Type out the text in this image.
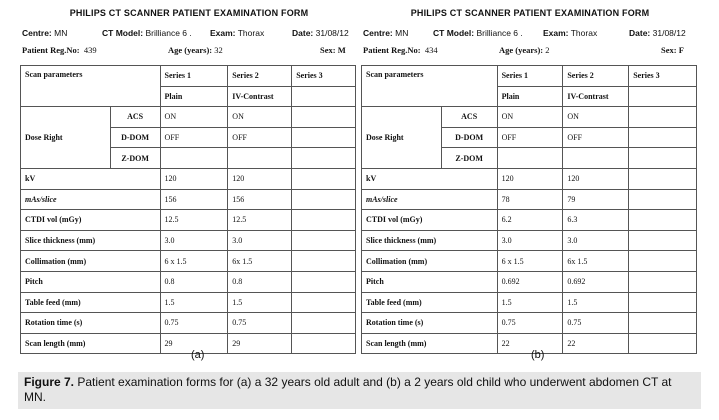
PHILIPS CT SCANNER PATIENT EXAMINATION FORM
Centre: MN	CT Model: Brilliance 6 . Exam: Thorax	Date: 31/08/12
Patient Reg.No: 439	Age (years): 32	Sex: M
Scan parameters		Series 1	Series 2	Series 3
		Plain	IV-Contrast	
Dose Right	ACS	ON	ON	
	D-DOM	OFF	OFF	
	Z-DOM			
kV		120	120	
mAs/slice		156	156	
CTDI vol (mGy)		12.5	12.5	
Slice thickness (mm)		3.0	3.0	
Collimation (mm)		6 x 1.5	6x 1.5	
Pitch		0.8	0.8	
Table feed (mm)		1.5	1.5	
Rotation time (s)		0.75	0.75	
Scan length (mm)		29	29	
PHILIPS CT SCANNER PATIENT EXAMINATION FORM
Centre: MN	CT Model: Brilliance 6 . Exam: Thorax	Date: 31/08/12
Patient Reg.No: 434	Age (years): 2	Sex: F
Scan parameters		Series 1	Series 2	Series 3
		Plain	IV-Contrast	
Dose Right	ACS	ON	ON	
	D-DOM	OFF	OFF	
	Z-DOM			
kV		120	120	
mAs/slice		78	79	
CTDI vol (mGy)		6.2	6.3	
Slice thickness (mm)		3.0	3.0	
Collimation (mm)		6 x 1.5	6x 1.5	
Pitch		0.692	0.692	
Table feed (mm)		1.5	1.5	
Rotation time (s)		0.75	0.75	
Scan length (mm)		22	22	
(a)	(b)
Figure 7. Patient examination forms for (a) a 32 years old adult and (b) a 2 years old child who underwent abdomen CT at MN.
